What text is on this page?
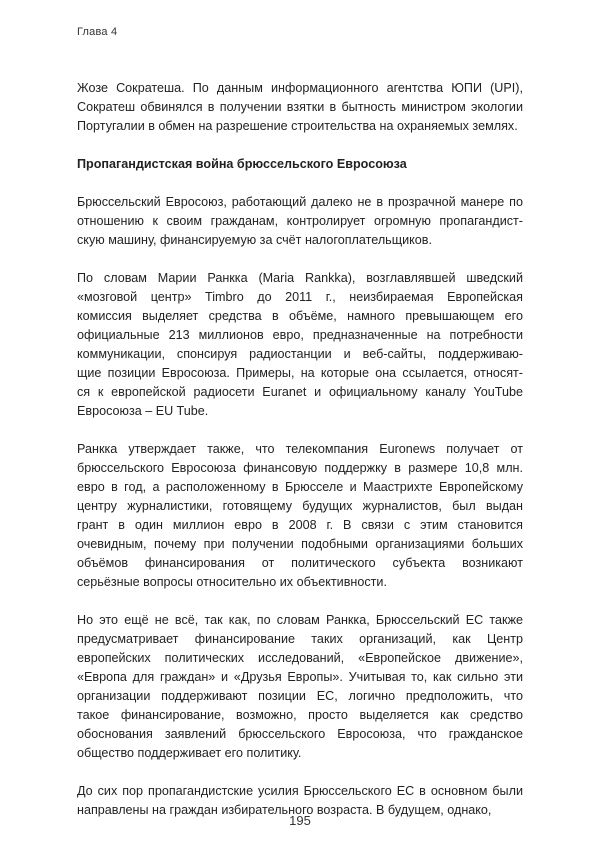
Глава 4
Жозе Сократеша. По данным информационного агентства ЮПИ (UPI),
Сократеш обвинялся в получении взятки в бытность министром экологии
Португалии в обмен на разрешение строительства на охраняемых землях.
Пропагандистская война брюссельского Евросоюза
Брюссельский Евросоюз, работающий далеко не в прозрачной манере по
отношению к своим гражданам, контролирует огромную пропагандист-
скую машину, финансируемую за счёт налогоплательщиков.
По словам Марии Ранкка (Maria Rankka), возглавлявшей шведский
«мозговой центр» Timbro до 2011 г., неизбираемая Европейская
комиссия выделяет средства в объёме, намного превышающем его
официальные 213 миллионов евро, предназначенные на потребности
коммуникации, спонсируя радиостанции и веб-сайты, поддерживаю-
щие позиции Евросоюза. Примеры, на которые она ссылается, относят-
ся к европейской радиосети Euranet и официальному каналу YouTube
Евросоюза – EU Tube.
Ранкка утверждает также, что телекомпания Euronews получает от
брюссельского Евросоюза финансовую поддержку в размере 10,8 млн.
евро в год, а расположенному в Брюсселе и Маастрихте Европейскому
центру журналистики, готовящему будущих журналистов, был выдан
грант в один миллион евро в 2008 г. В связи с этим становится
очевидным, почему при получении подобными организациями больших
объёмов финансирования от политического субъекта возникают
серьёзные вопросы относительно их объективности.
Но это ещё не всё, так как, по словам Ранкка, Брюссельский ЕС также
предусматривает финансирование таких организаций, как Центр
европейских политических исследований, «Европейское движение»,
«Европа для граждан» и «Друзья Европы». Учитывая то, как сильно эти
организации поддерживают позиции ЕС, логично предположить, что
такое финансирование, возможно, просто выделяется как средство
обоснования заявлений брюссельского Евросоюза, что гражданское
общество поддерживает его политику.
До сих пор пропагандистские усилия Брюссельского ЕС в основном были
направлены на граждан избирательного возраста. В будущем, однако,
195
